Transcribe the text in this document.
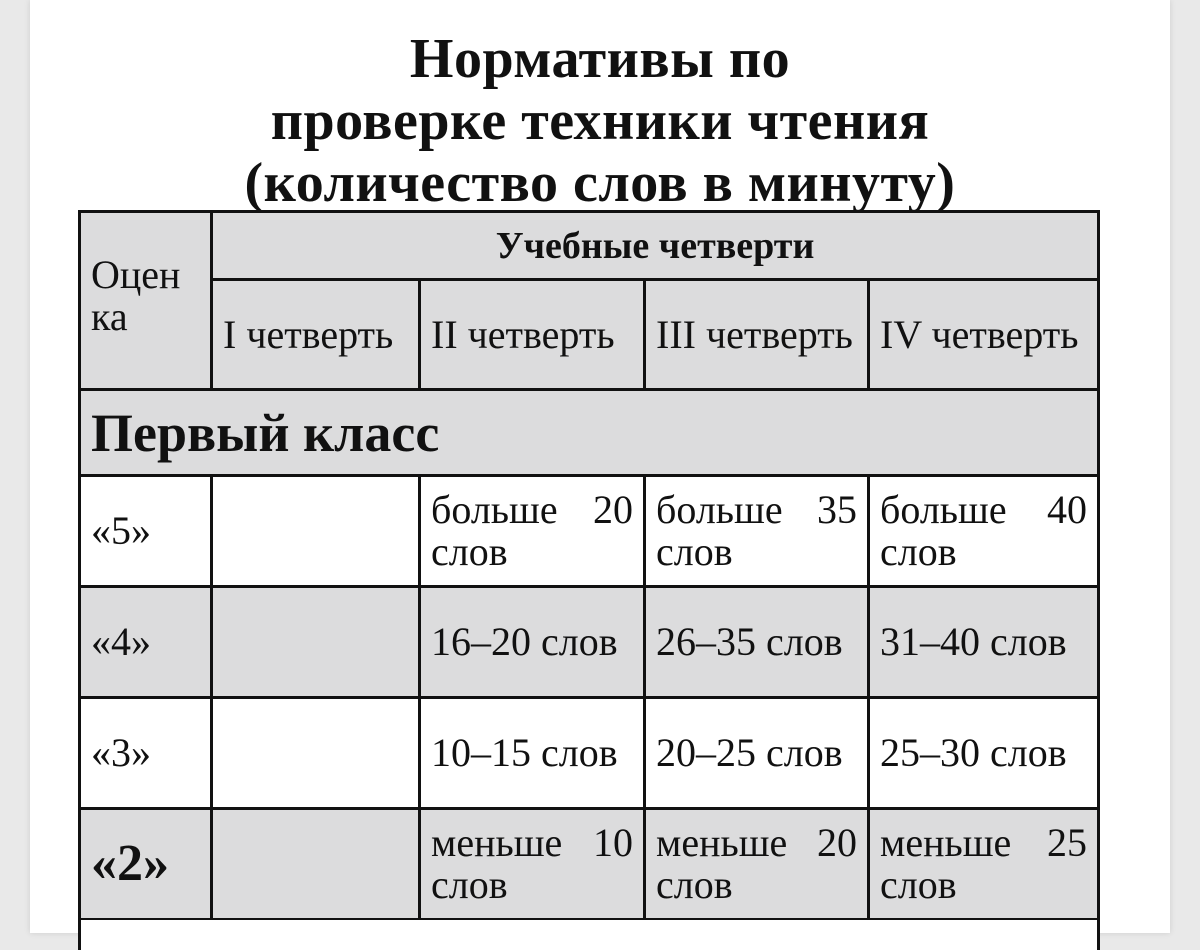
Нормативы по
проверке техники чтения
(количество слов в минуту)
Оцен ка	Учебные четверти			
	I четверть	II четверть	III четверть	IV четверть
Первый класс				
«5»		больше 20 слов	больше 35 слов	больше 40 слов
«4»		16–20 слов	26–35 слов	31–40 слов
«3»		10–15 слов	20–25 слов	25–30 слов
«2»		меньше 10 слов	меньше 20 слов	меньше 25 слов
